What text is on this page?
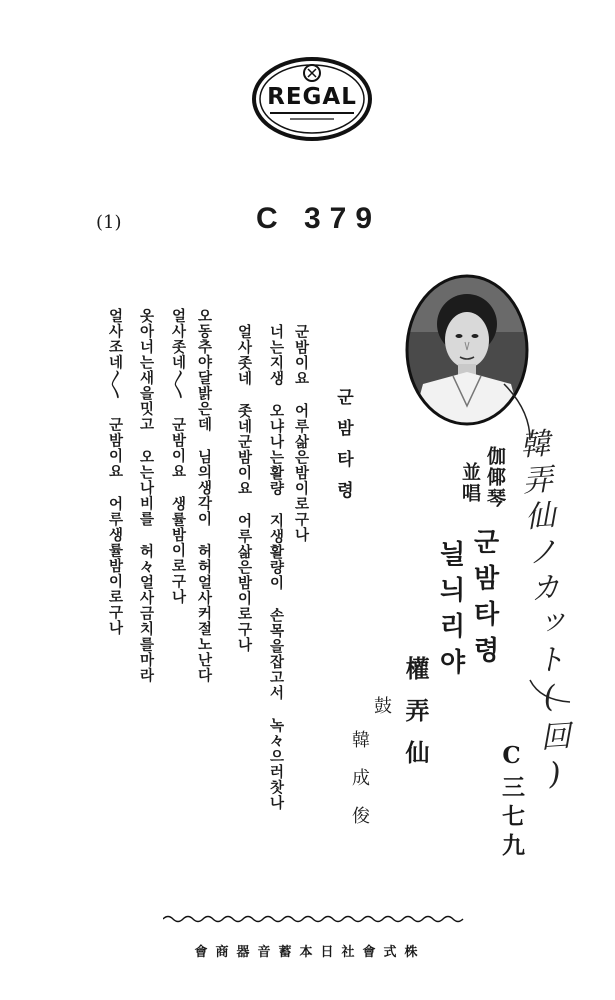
REGAL
(1)	C 379
군밤타령
군밤이요 어루삶은밤이로구나
너는지생 오냐나는활량 지생활량이 손목을잡고서 녹々으러찻나
얼사좃네 좃네군밤이요 어루삶은밤이로구나
오동추야달밝은데 님의생각이 허허얼사커절노난다
얼사좃네〳〵 군밤이요 생률밤이로구나
옷아너는새을밋고 오는나비를 허々얼사금치를마라
얼사조네〳〵 군밤이요 어루생률밤이로구나	伽倻琴
並唱
군밤타령
늴늬리야
權弄仙
鼓
韓成俊	C三七九
韓弄仙ノカット(回)
會商器音蓄本日社會式株
